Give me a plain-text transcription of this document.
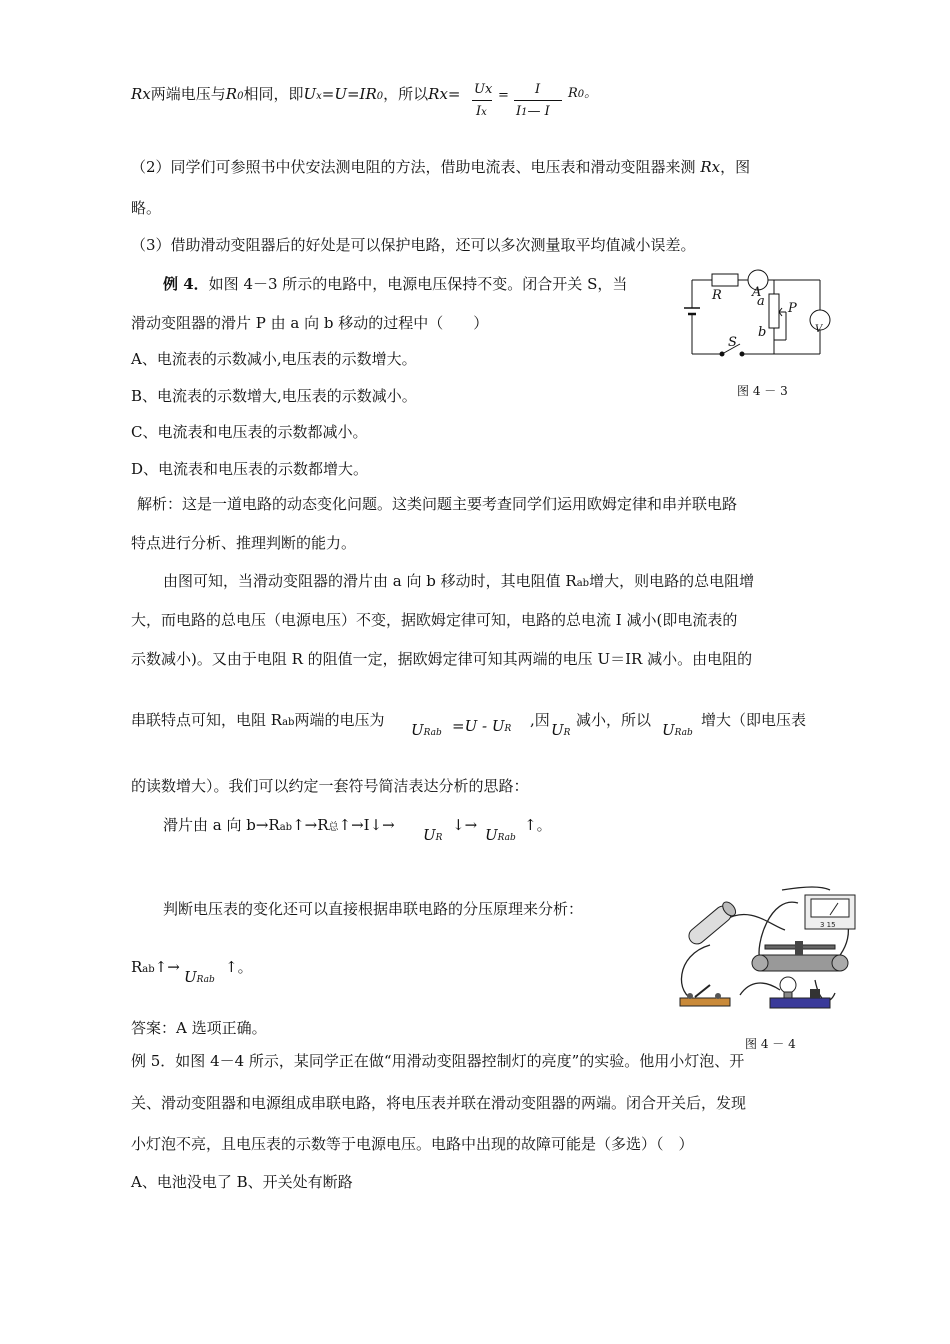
Rx两端电压与R0相同，即Ux=U=IR0，所以Rx= Ux
Ix
= I
I1— I
R0。
（2）同学们可参照书中伏安法测电阻的方法，借助电流表、电压表和滑动变阻器来测 Rx，图
略。
（3）借助滑动变阻器后的好处是可以保护电路，还可以多次测量取平均值减小误差。
例 4．如图 4－3 所示的电路中，电源电压保持不变。闭合开关 S，当
滑动变阻器的滑片 P 由 a 向 b 移动的过程中（　　）
A、电流表的示数减小,电压表的示数增大。
B、电流表的示数增大,电压表的示数减小。
C、电流表和电压表的示数都减小。
D、电流表和电压表的示数都增大。
R A
a
b
P
V
S
图 4 － 3
解析：这是一道电路的动态变化问题。这类问题主要考查同学们运用欧姆定律和串并联电路
特点进行分析、推理判断的能力。
由图可知，当滑动变阻器的滑片由 a 向 b 移动时，其电阻值 Rab增大，则电路的总电阻增
大，而电路的总电压（电源电压）不变，据欧姆定律可知，电路的总电流 I 减小(即电流表的
示数减小)。又由于电阻 R 的阻值一定，据欧姆定律可知其两端的电压 U＝IR 减小。由电阻的
串联特点可知，电阻 Rab两端的电压为
URab =U - UR ,因
UR
减小，所以
URab
增大（即电压表
的读数增大）。我们可以约定一套符号简洁表达分析的思路：
滑片由 a 向 b→Rab↑→R总↑→I↓→
UR
↓→
URab
↑。
判断电压表的变化还可以直接根据串联电路的分压原理来分析：
Rab↑→
URab
↑。
3 15
图 4 － 4
答案：A 选项正确。
例 5．如图 4－4 所示，某同学正在做“用滑动变阻器控制灯的亮度”的实验。他用小灯泡、开
关、滑动变阻器和电源组成串联电路，将电压表并联在滑动变阻器的两端。闭合开关后，发现
小灯泡不亮，且电压表的示数等于电源电压。电路中出现的故障可能是（多选）（　）
A、电池没电了 B、开关处有断路
